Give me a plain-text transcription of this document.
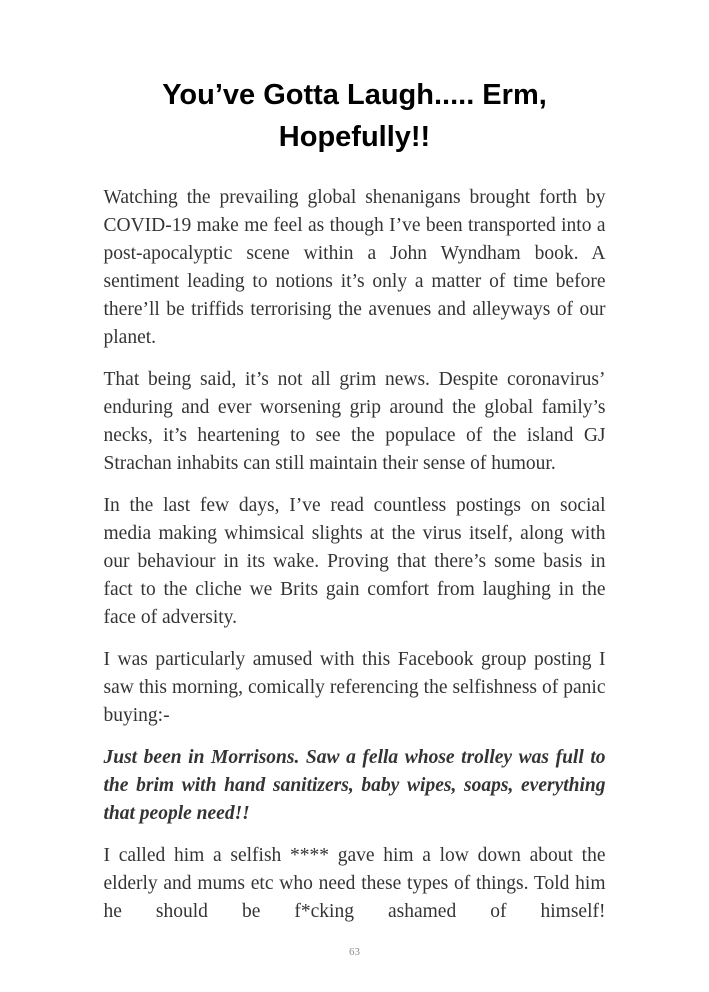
You’ve Gotta Laugh..... Erm,
Hopefully!!

Watching the prevailing global shenanigans brought forth by COVID-19 make me feel as though I’ve been transported into a post-apocalyptic scene within a John Wyndham book. A sentiment leading to notions it’s only a matter of time before there’ll be triffids terrorising the avenues and alleyways of our planet.

That being said, it’s not all grim news. Despite coronavirus’ enduring and ever worsening grip around the global family’s necks, it’s heartening to see the populace of the island GJ Strachan inhabits can still maintain their sense of humour.

In the last few days, I’ve read countless postings on social media making whimsical slights at the virus itself, along with our behaviour in its wake. Proving that there’s some basis in fact to the cliche we Brits gain comfort from laughing in the face of adversity.

I was particularly amused with this Facebook group posting I saw this morning, comically referencing the selfishness of panic buying:-

Just been in Morrisons. Saw a fella whose trolley was full to the brim with hand sanitizers, baby wipes, soaps, everything that people need!!

I called him a selfish **** gave him a low down about the elderly and mums etc who need these types of things. Told him he should be f*cking ashamed of himself!

63
